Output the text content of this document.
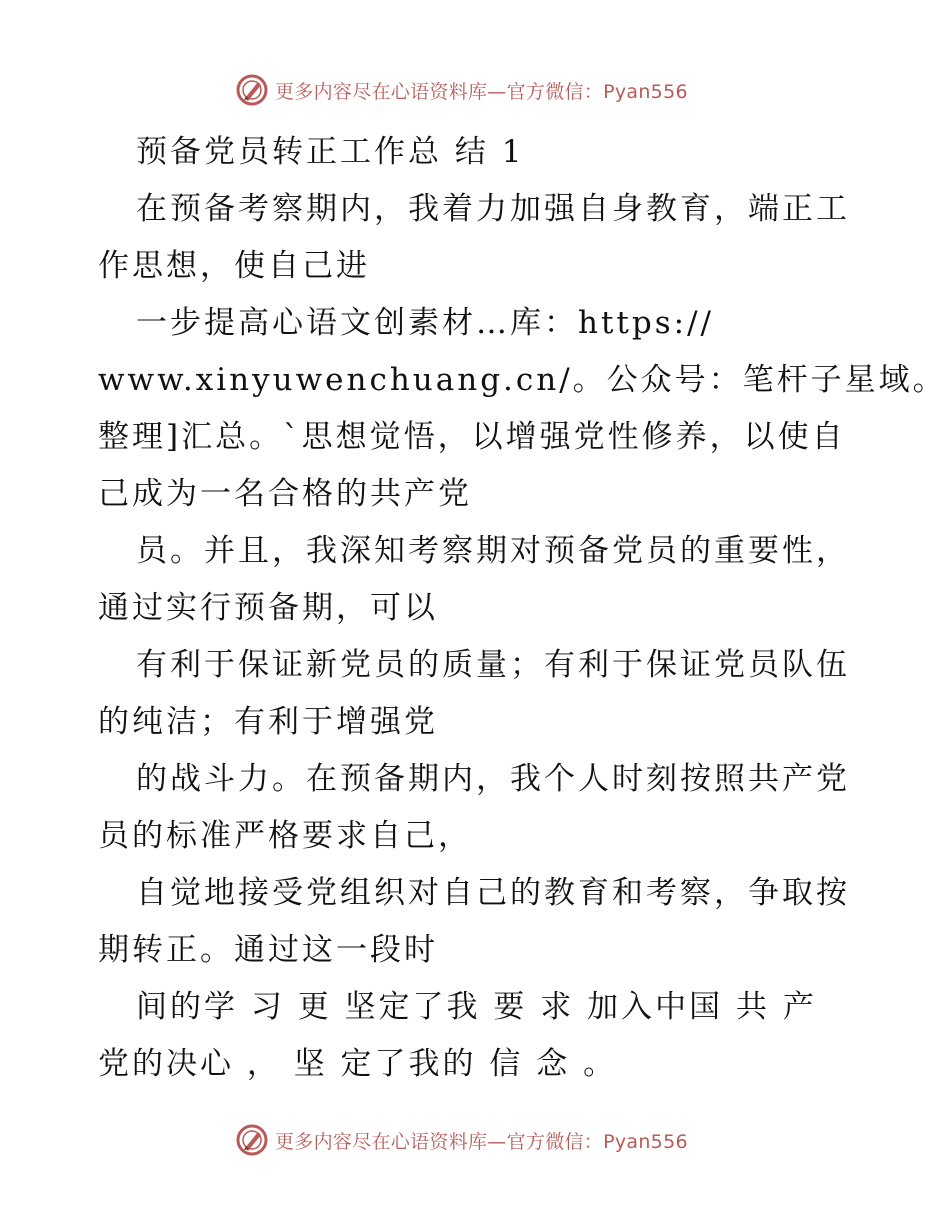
更多内容尽在心语资料库—官方微信：Pyan556
预备党员转正工作总 结 1
在预备考察期内，我着力加强自身教育，端正工
作思想，使自己进
一步提高心语文创素材…库：https://
www.xinyuwenchuang.cn/。公众号：笔杆子星域。
整理]汇总。`思想觉悟，以增强党性修养，以使自
己成为一名合格的共产党
员。并且，我深知考察期对预备党员的重要性，
通过实行预备期，可以
有利于保证新党员的质量；有利于保证党员队伍
的纯洁；有利于增强党
的战斗力。在预备期内，我个人时刻按照共产党
员的标准严格要求自己，
自觉地接受党组织对自己的教育和考察，争取按
期转正。通过这一段时
间的学 习 更 坚定了我 要 求 加入中国 共 产
党的决心 ， 坚 定了我的 信 念 。
更多内容尽在心语资料库—官方微信：Pyan556
